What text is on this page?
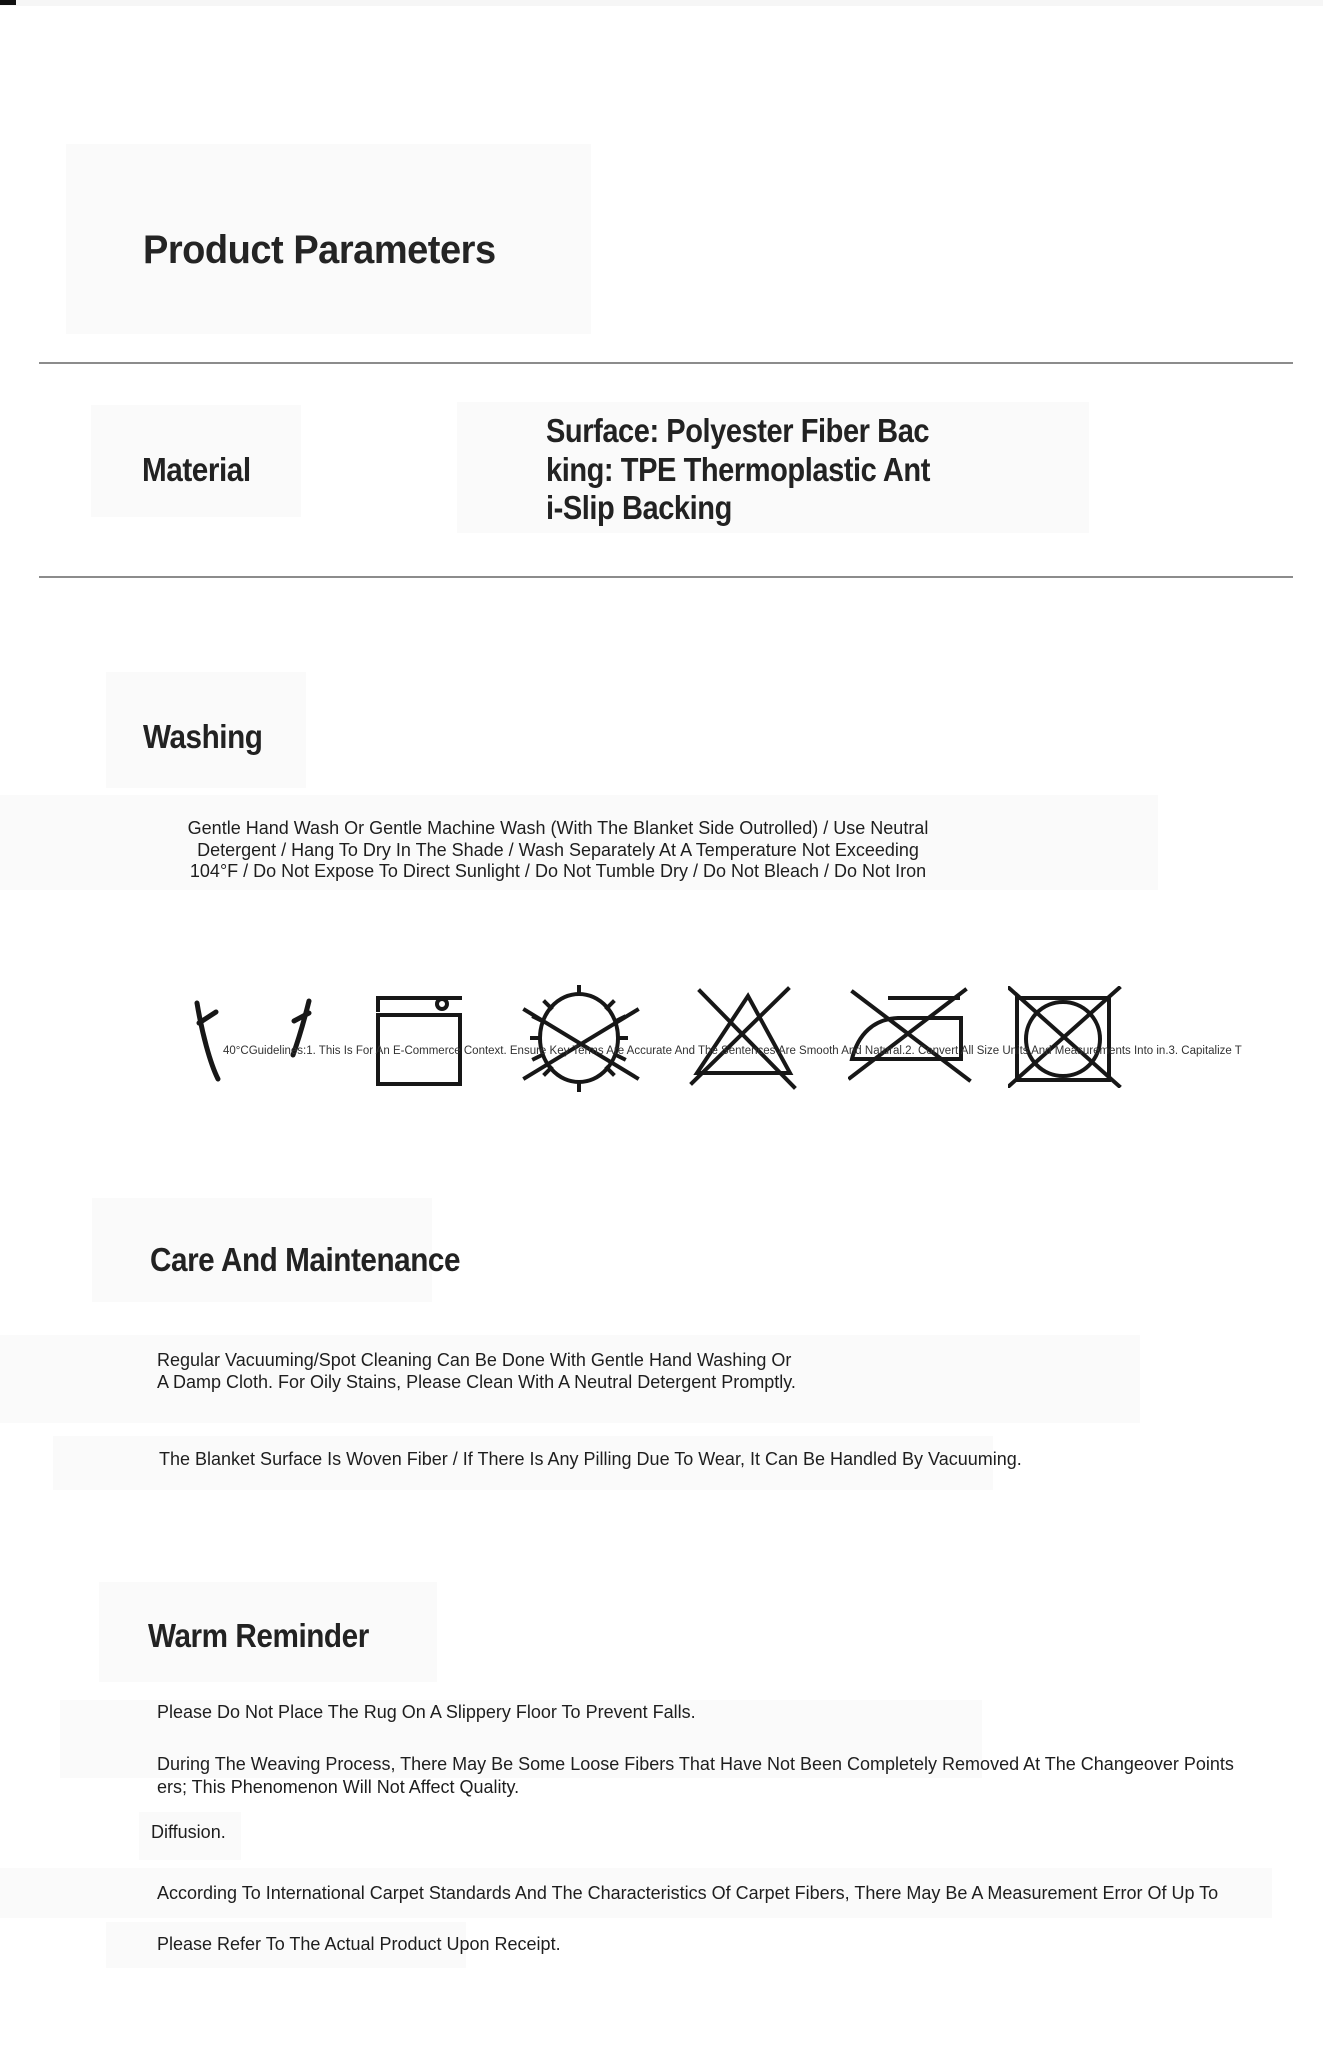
Product Parameters
Material
Surface: Polyester Fiber Bac
king: TPE Thermoplastic Ant
i-Slip Backing
Washing
Gentle Hand Wash Or Gentle Machine Wash (With The Blanket Side Outrolled) / Use Neutral
Detergent / Hang To Dry In The Shade / Wash Separately At A Temperature Not Exceeding
104°F / Do Not Expose To Direct Sunlight / Do Not Tumble Dry / Do Not Bleach / Do Not Iron
40°CGuidelines:1. This Is For An E-Commerce Context. Ensure Key Terms Are Accurate And The Sentences Are Smooth And Natural.2. Convert All Size Units And Measurements Into in.3. Capitalize T
Care And Maintenance
Regular Vacuuming/Spot Cleaning Can Be Done With Gentle Hand Washing Or
A Damp Cloth. For Oily Stains, Please Clean With A Neutral Detergent Promptly.
The Blanket Surface Is Woven Fiber / If There Is Any Pilling Due To Wear, It Can Be Handled By Vacuuming.
Warm Reminder
Please Do Not Place The Rug On A Slippery Floor To Prevent Falls.
During The Weaving Process, There May Be Some Loose Fibers That Have Not Been Completely Removed At The Changeover Points
ers; This Phenomenon Will Not Affect Quality.
Diffusion.
According To International Carpet Standards And The Characteristics Of Carpet Fibers, There May Be A Measurement Error Of Up To
Please Refer To The Actual Product Upon Receipt.
